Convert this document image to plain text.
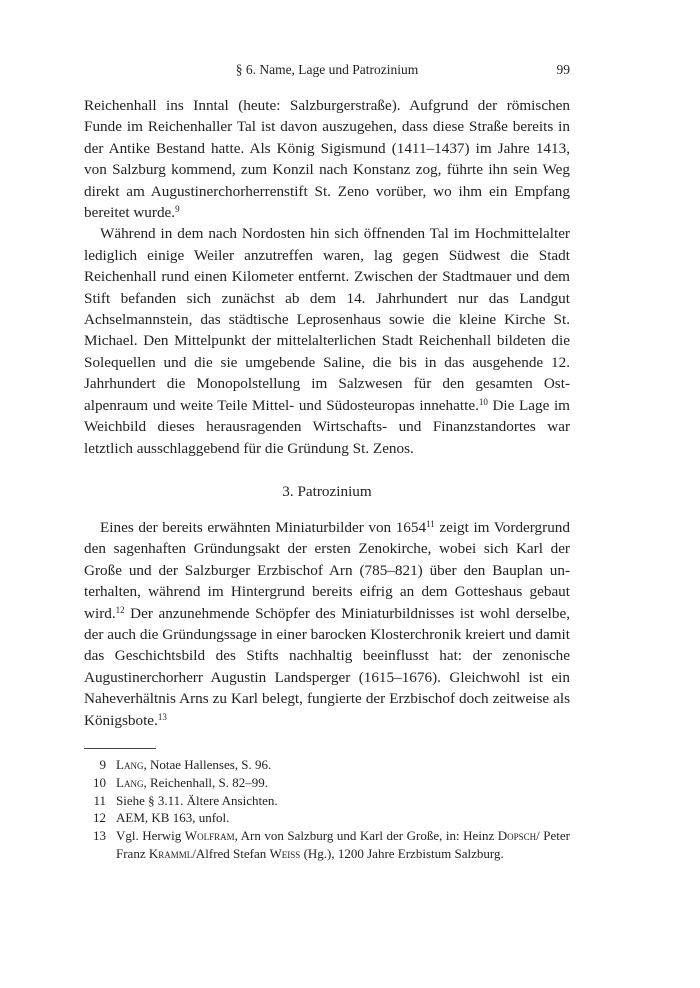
§ 6. Name, Lage und Patrozinium	99

Reichenhall ins Inntal (heute: Salzburgerstraße). Aufgrund der römischen Funde im Reichenhaller Tal ist davon auszugehen, dass diese Straße bereits in der Antike Bestand hatte. Als König Sigismund (1411–1437) im Jahre 1413, von Salzburg kommend, zum Konzil nach Konstanz zog, führte ihn sein Weg direkt am Augustinerchorherrenstift St. Zeno vorüber, wo ihm ein Empfang bereitet wurde.$^9$

Während in dem nach Nordosten hin sich öffnenden Tal im Hochmittelalter lediglich einige Weiler anzutreffen waren, lag gegen Südwest die Stadt Reichenhall rund einen Kilometer entfernt. Zwischen der Stadtmauer und dem Stift befanden sich zunächst ab dem 14. Jahrhundert nur das Landgut Achselmannstein, das städtische Leprosenhaus sowie die kleine Kirche St. Michael. Den Mittelpunkt der mittelalterlichen Stadt Reichenhall bildeten die Solequellen und die sie umgebende Saline, die bis in das ausgehende 12. Jahrhundert die Monopolstellung im Salzwesen für den gesamten Ostalpenraum und weite Teile Mittel- und Südosteuropas innehatte.$^{10}$ Die Lage im Weichbild dieses herausragenden Wirtschafts- und Finanzstandortes war letztlich ausschlaggebend für die Gründung St. Zenos.

3. Patrozinium

Eines der bereits erwähnten Miniaturbilder von 1654$^{11}$ zeigt im Vordergrund den sagenhaften Gründungsakt der ersten Zenokirche, wobei sich Karl der Große und der Salzburger Erzbischof Arn (785–821) über den Bauplan unterhalten, während im Hintergrund bereits eifrig an dem Gotteshaus gebaut wird.$^{12}$ Der anzunehmende Schöpfer des Miniaturbildnisses ist wohl derselbe, der auch die Gründungssage in einer barocken Klosterchronik kreiert und damit das Geschichtsbild des Stifts nachhaltig beeinflusst hat: der zenonische Augustinerchorherr Augustin Landsperger (1615–1676). Gleichwohl ist ein Naheverhältnis Arns zu Karl belegt, fungierte der Erzbischof doch zeitweise als Königsbote.$^{13}$

9 Lang, Notae Hallenses, S. 96.
10 Lang, Reichenhall, S. 82–99.
11 Siehe § 3.11. Ältere Ansichten.
12 AEM, KB 163, unfol.
13 Vgl. Herwig Wolfram, Arn von Salzburg und Karl der Große, in: Heinz Dopsch/ Peter Franz Kramml/Alfred Stefan Weiss (Hg.), 1200 Jahre Erzbistum Salzburg.
